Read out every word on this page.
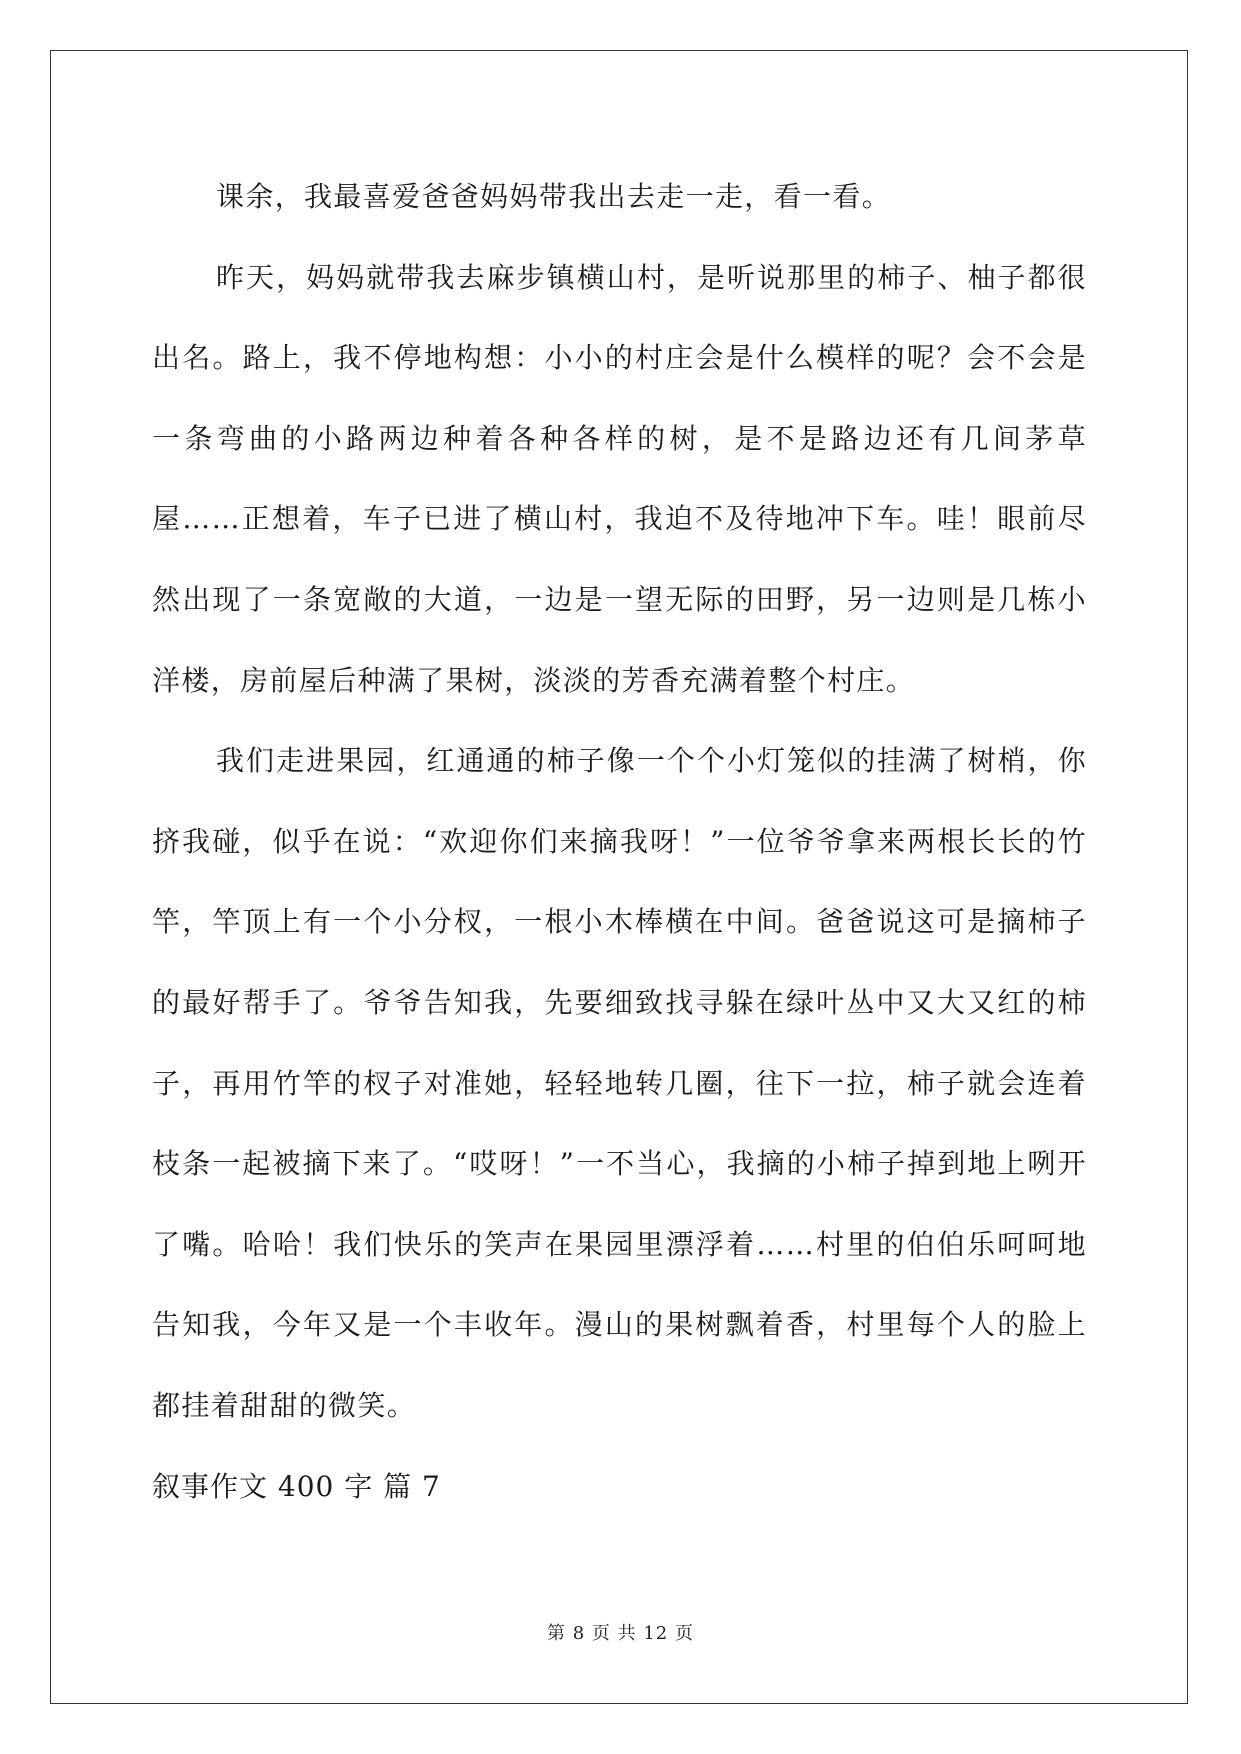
课余，我最喜爱爸爸妈妈带我出去走一走，看一看。

昨天，妈妈就带我去麻步镇横山村，是听说那里的柿子、柚子都很出名。路上，我不停地构想：小小的村庄会是什么模样的呢？会不会是一条弯曲的小路两边种着各种各样的树，是不是路边还有几间茅草屋……正想着，车子已进了横山村，我迫不及待地冲下车。哇！眼前尽然出现了一条宽敞的大道，一边是一望无际的田野，另一边则是几栋小洋楼，房前屋后种满了果树，淡淡的芳香充满着整个村庄。

我们走进果园，红通通的柿子像一个个小灯笼似的挂满了树梢，你挤我碰，似乎在说：“欢迎你们来摘我呀！”一位爷爷拿来两根长长的竹竿，竿顶上有一个小分杈，一根小木棒横在中间。爸爸说这可是摘柿子的最好帮手了。爷爷告知我，先要细致找寻躲在绿叶丛中又大又红的柿子，再用竹竿的杈子对准她，轻轻地转几圈，往下一拉，柿子就会连着枝条一起被摘下来了。“哎呀！”一不当心，我摘的小柿子掉到地上咧开了嘴。哈哈！我们快乐的笑声在果园里漂浮着……村里的伯伯乐呵呵地告知我，今年又是一个丰收年。漫山的果树飘着香，村里每个人的脸上都挂着甜甜的微笑。

叙事作文 400 字 篇 7

第 8 页 共 12 页
